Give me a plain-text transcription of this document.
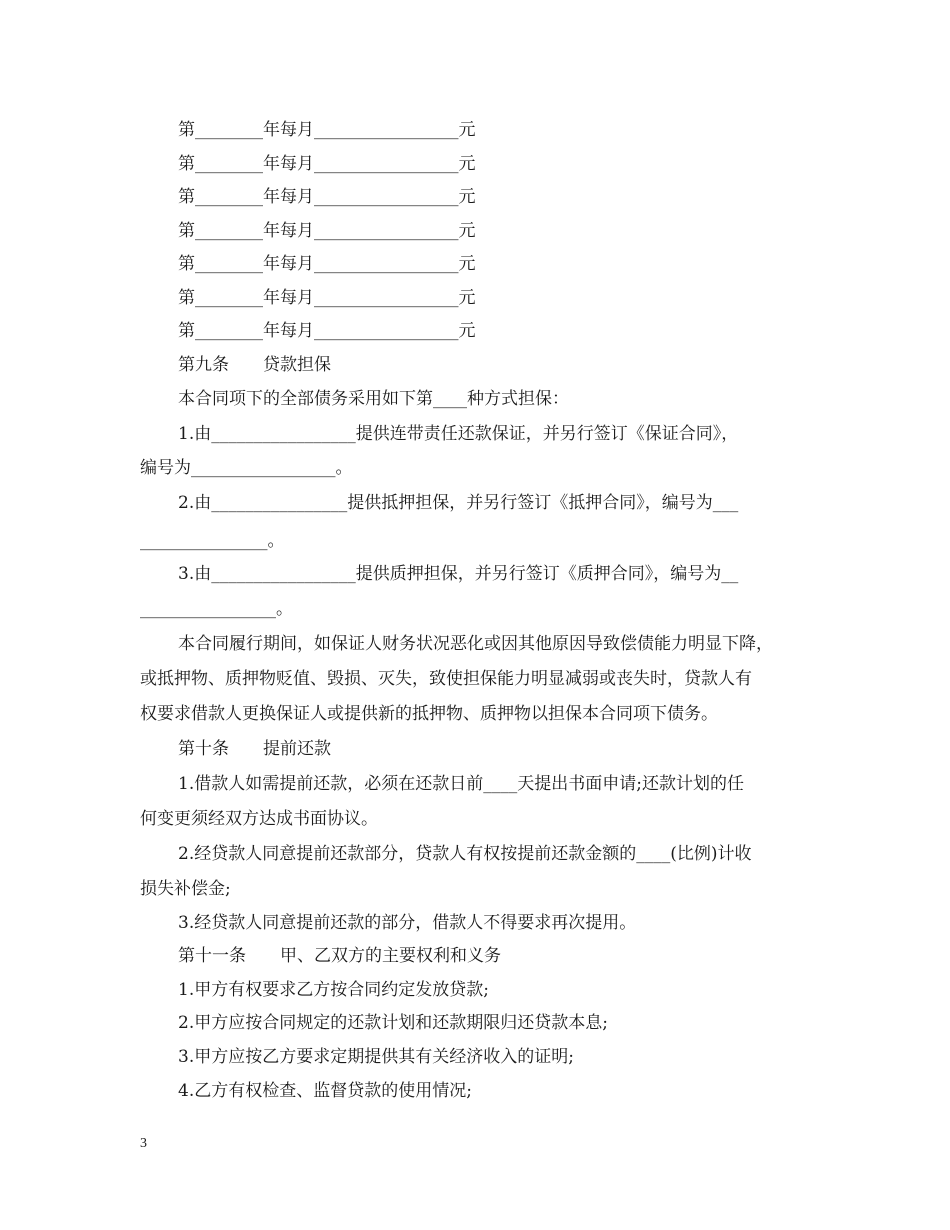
第________年每月_________________元
第________年每月_________________元
第________年每月_________________元
第________年每月_________________元
第________年每月_________________元
第________年每月_________________元
第________年每月_________________元
第九条　　贷款担保
本合同项下的全部债务采用如下第____种方式担保：
1.由_________________提供连带责任还款保证，并另行签订《保证合同》，
编号为_________________。
2.由________________提供抵押担保，并另行签订《抵押合同》，编号为___
_______________。
3.由_________________提供质押担保，并另行签订《质押合同》，编号为__
________________。
本合同履行期间，如保证人财务状况恶化或因其他原因导致偿债能力明显下降，
或抵押物、质押物贬值、毁损、灭失，致使担保能力明显减弱或丧失时，贷款人有
权要求借款人更换保证人或提供新的抵押物、质押物以担保本合同项下债务。
第十条　　提前还款
1.借款人如需提前还款，必须在还款日前____天提出书面申请;还款计划的任
何变更须经双方达成书面协议。
2.经贷款人同意提前还款部分，贷款人有权按提前还款金额的____(比例)计收
损失补偿金;
3.经贷款人同意提前还款的部分，借款人不得要求再次提用。
第十一条　　甲、乙双方的主要权利和义务
1.甲方有权要求乙方按合同约定发放贷款;
2.甲方应按合同规定的还款计划和还款期限归还贷款本息;
3.甲方应按乙方要求定期提供其有关经济收入的证明;
4.乙方有权检查、监督贷款的使用情况;
3
